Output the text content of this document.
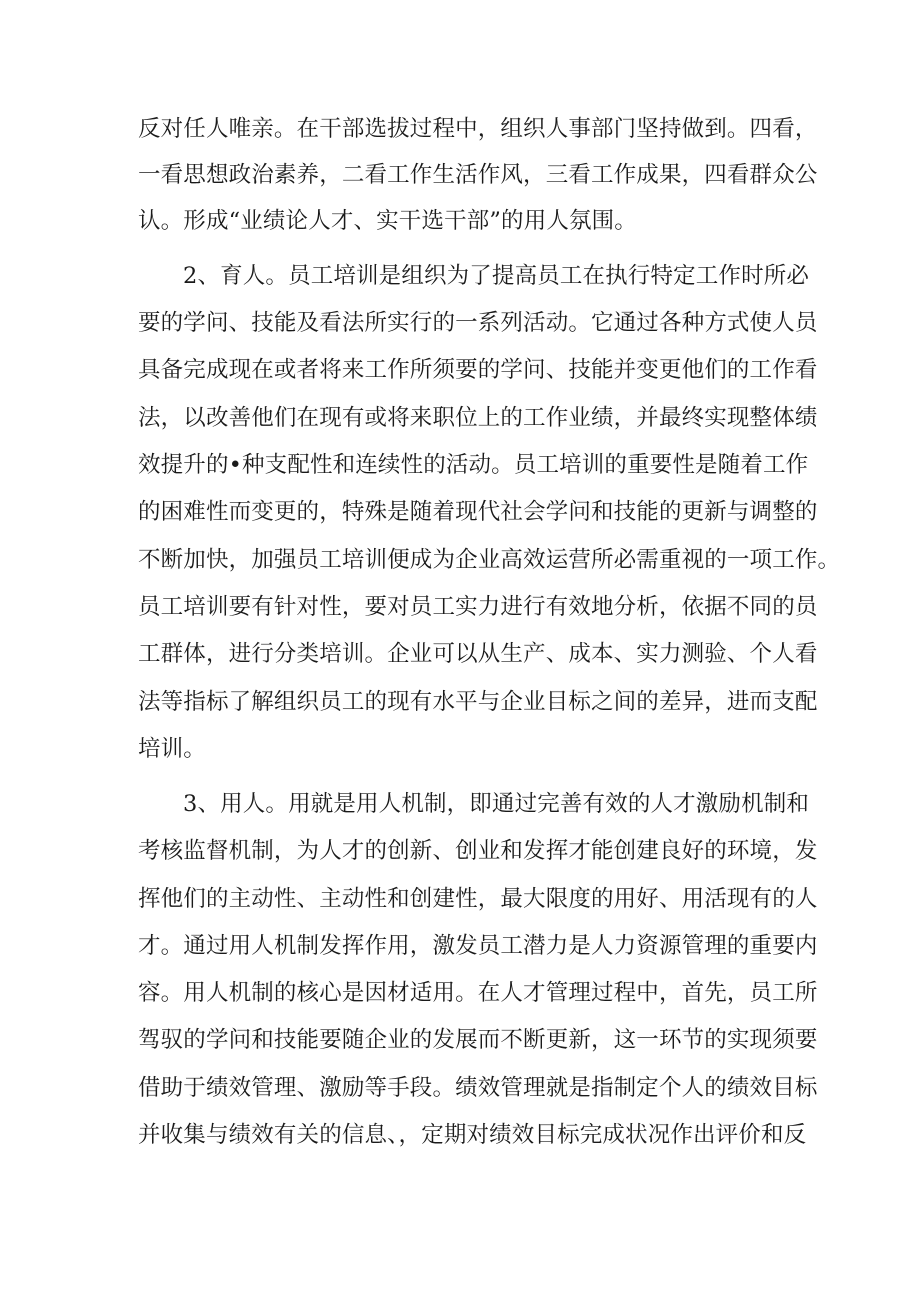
反对任人唯亲。在干部选拔过程中，组织人事部门坚持做到。四看，
一看思想政治素养，二看工作生活作风，三看工作成果，四看群众公
认。形成“业绩论人才、实干选干部”的用人氛围。
2、育人。员工培训是组织为了提高员工在执行特定工作时所必
要的学问、技能及看法所实行的一系列活动。它通过各种方式使人员
具备完成现在或者将来工作所须要的学问、技能并变更他们的工作看
法，以改善他们在现有或将来职位上的工作业绩，并最终实现整体绩
效提升的•种支配性和连续性的活动。员工培训的重要性是随着工作
的困难性而变更的，特殊是随着现代社会学问和技能的更新与调整的
不断加快，加强员工培训便成为企业高效运营所必需重视的一项工作。
员工培训要有针对性，要对员工实力进行有效地分析，依据不同的员
工群体，进行分类培训。企业可以从生产、成本、实力测验、个人看
法等指标了解组织员工的现有水平与企业目标之间的差异，进而支配
培训。
3、用人。用就是用人机制，即通过完善有效的人才激励机制和
考核监督机制，为人才的创新、创业和发挥才能创建良好的环境，发
挥他们的主动性、主动性和创建性，最大限度的用好、用活现有的人
才。通过用人机制发挥作用，激发员工潜力是人力资源管理的重要内
容。用人机制的核心是因材适用。在人才管理过程中，首先，员工所
驾驭的学问和技能要随企业的发展而不断更新，这一环节的实现须要
借助于绩效管理、激励等手段。绩效管理就是指制定个人的绩效目标
并收集与绩效有关的信息、，定期对绩效目标完成状况作出评价和反
